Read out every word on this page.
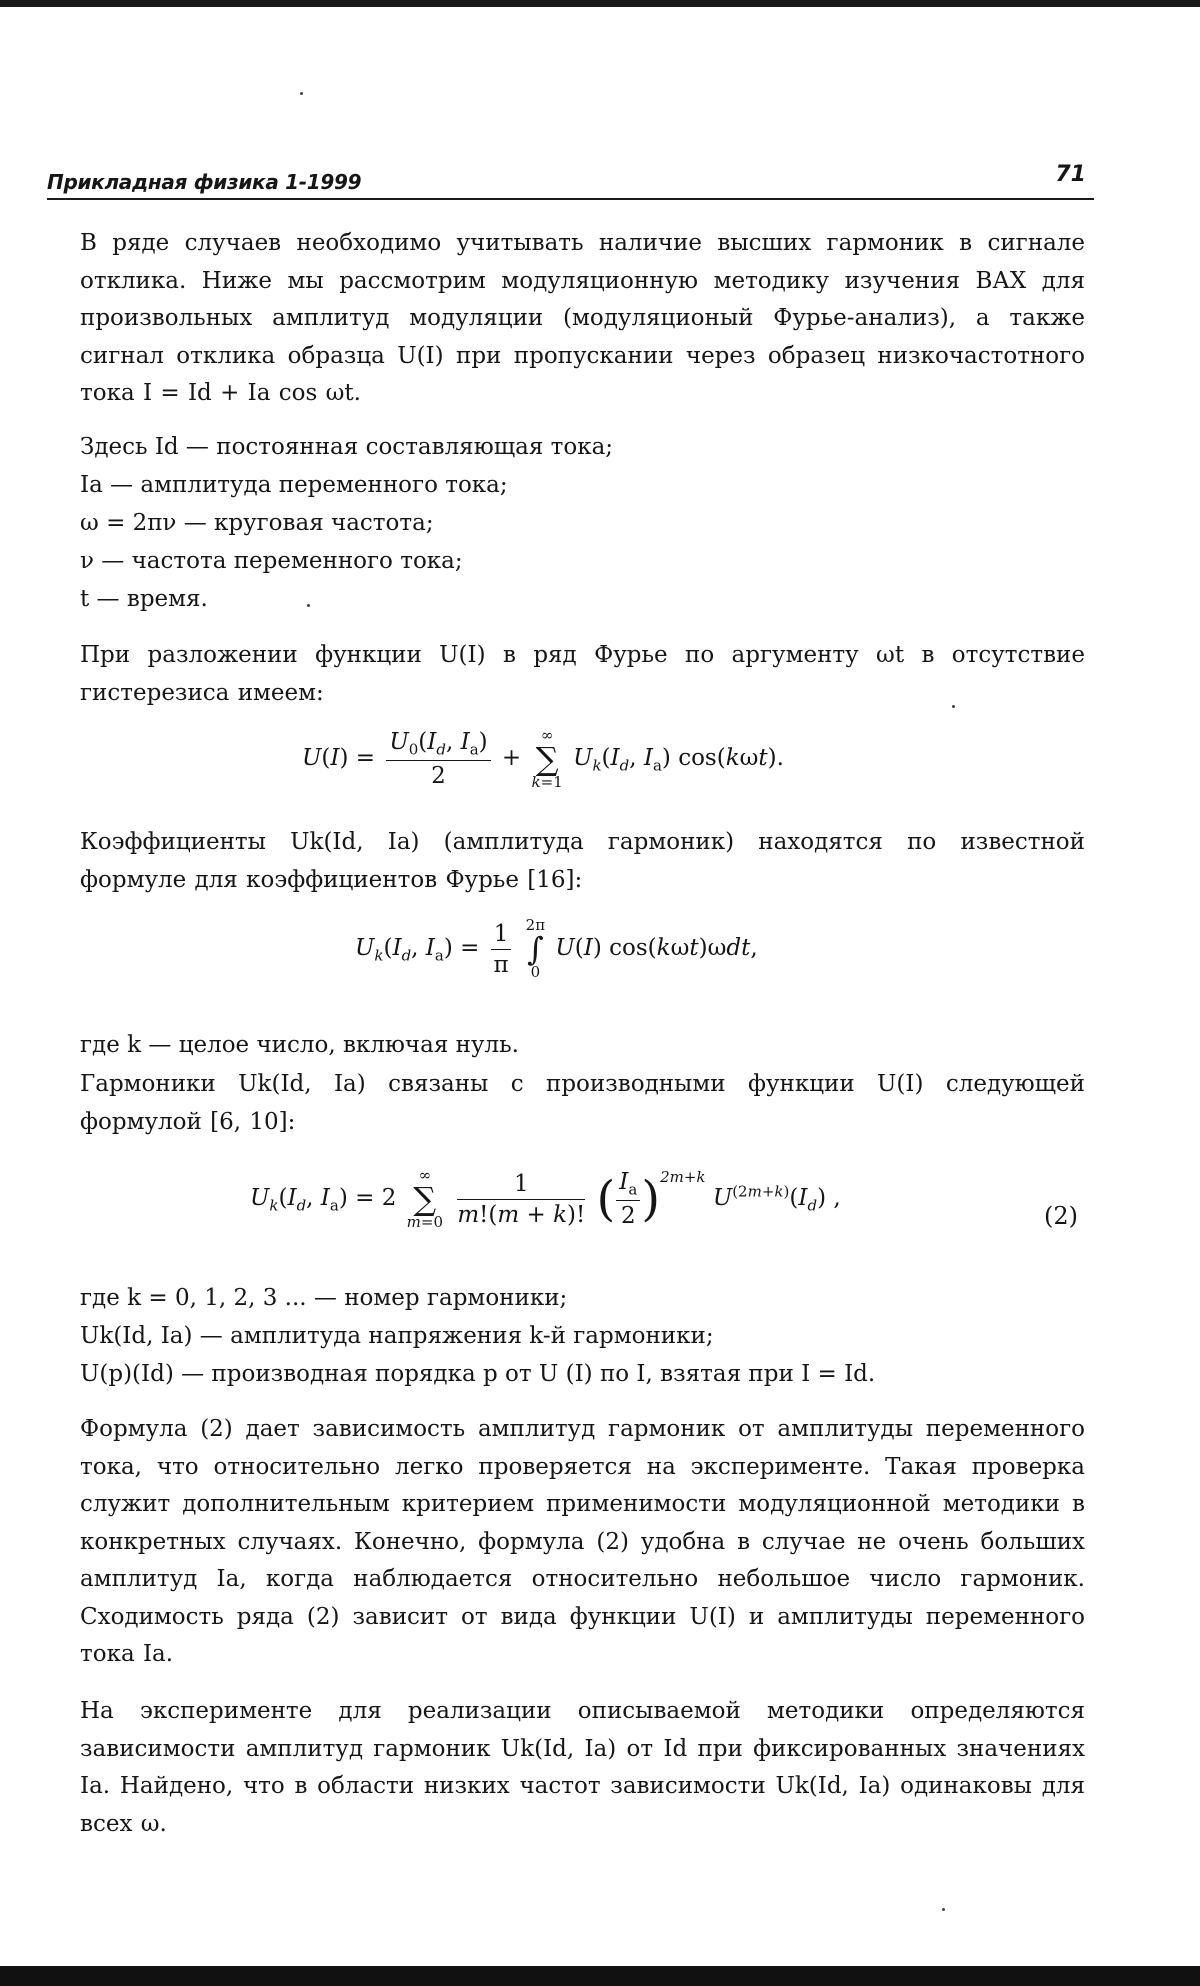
Прикладная физика 1-1999	71

В ряде случаев необходимо учитывать наличие высших гармоник в сигнале отклика. Ниже мы рассмотрим модуляционную методику изучения ВАХ для произвольных амплитуд модуляции (модуляционый Фурье-анализ), а также сигнал отклика образца U(I) при пропускании через образец низкочастотного тока I = Id + Ia cos ωt.

Здесь Id — постоянная составляющая тока;

Ia — амплитуда переменного тока;

ω = 2πν — круговая частота;

ν — частота переменного тока;

t — время.

При разложении функции U(I) в ряд Фурье по аргументу ωt в отсутствие гистерезиса имеем:

$U(I) = \frac{U_0(I_d, I_a)}{2}$ +
∞
∑
k=1
$U_k(I_d$, $I_a$) cos(kωt).

Коэффициенты Uk(Id, Ia) (амплитуда гармоник) находятся по известной формуле для коэффициентов Фурье [16]:

$U_k(I_d$, $I_a) = \frac{1}{\pi}$
2π
∫
0
U(I) cos(kωt)ωdt,

где k — целое число, включая нуль.

Гармоники Uk(Id, Ia) связаны с производными функции U(I) следующей формулой [6, 10]:

$U_k(I_d$, $I_a) = 2$
∞
∑
m=0
$\frac{1}{m!(m + k)!}$ ( $\frac{I_a}{2} )^{2m+k}$ $U^{(2m+k)}(I_d)$ ,
(2)

где k = 0, 1, 2, 3 ... — номер гармоники;

Uk(Id, Ia) — амплитуда напряжения k-й гармоники;

U(p)(Id) — производная порядка p от U (I) по I, взятая при I = Id.

Формула (2) дает зависимость амплитуд гармоник от амплитуды переменного тока, что относительно легко проверяется на эксперименте. Такая проверка служит дополнительным критерием применимости модуляционной методики в конкретных случаях. Конечно, формула (2) удобна в случае не очень больших амплитуд Ia, когда наблюдается относительно небольшое число гармоник. Сходимость ряда (2) зависит от вида функции U(I) и амплитуды переменного тока Ia.

На эксперименте для реализации описываемой методики определяются зависимости амплитуд гармоник Uk(Id, Ia) от Id при фиксированных значениях Ia. Найдено, что в области низких частот зависимости Uk(Id, Ia) одинаковы для всех ω.
